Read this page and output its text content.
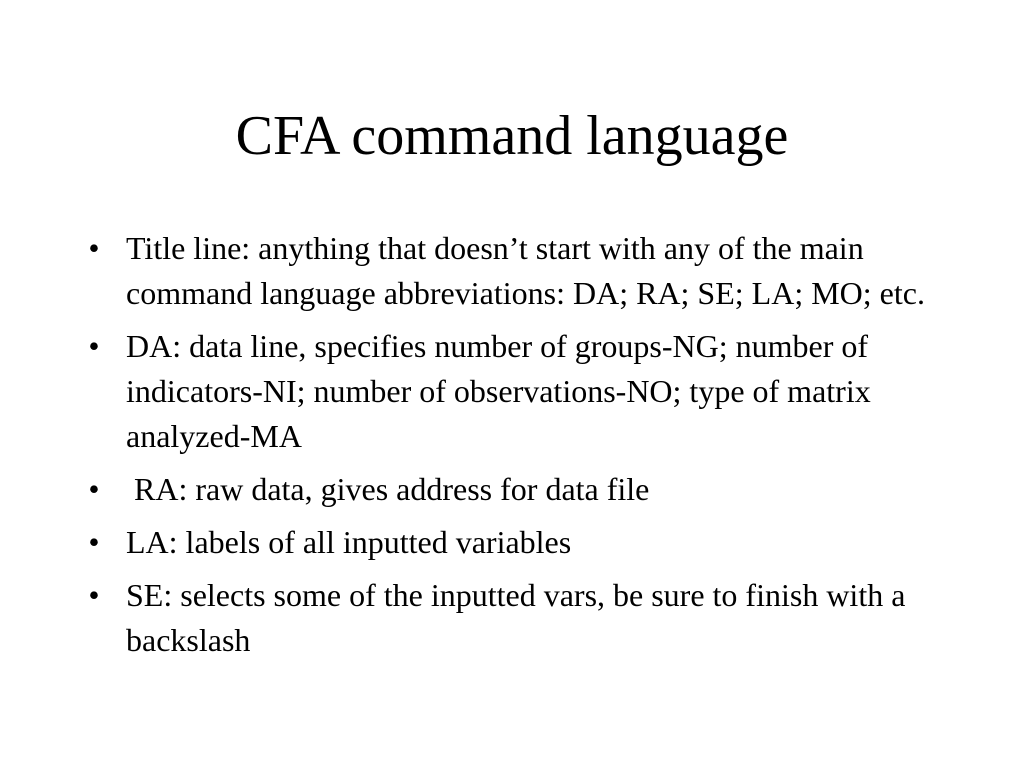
CFA command language
• Title line: anything that doesn’t start with any of the main command language abbreviations: DA; RA; SE; LA; MO; etc.
• DA: data line, specifies number of groups-NG; number of indicators-NI; number of observations-NO; type of matrix analyzed-MA
• RA: raw data, gives address for data file
• LA: labels of all inputted variables
• SE: selects some of the inputted vars, be sure to finish with a backslash
